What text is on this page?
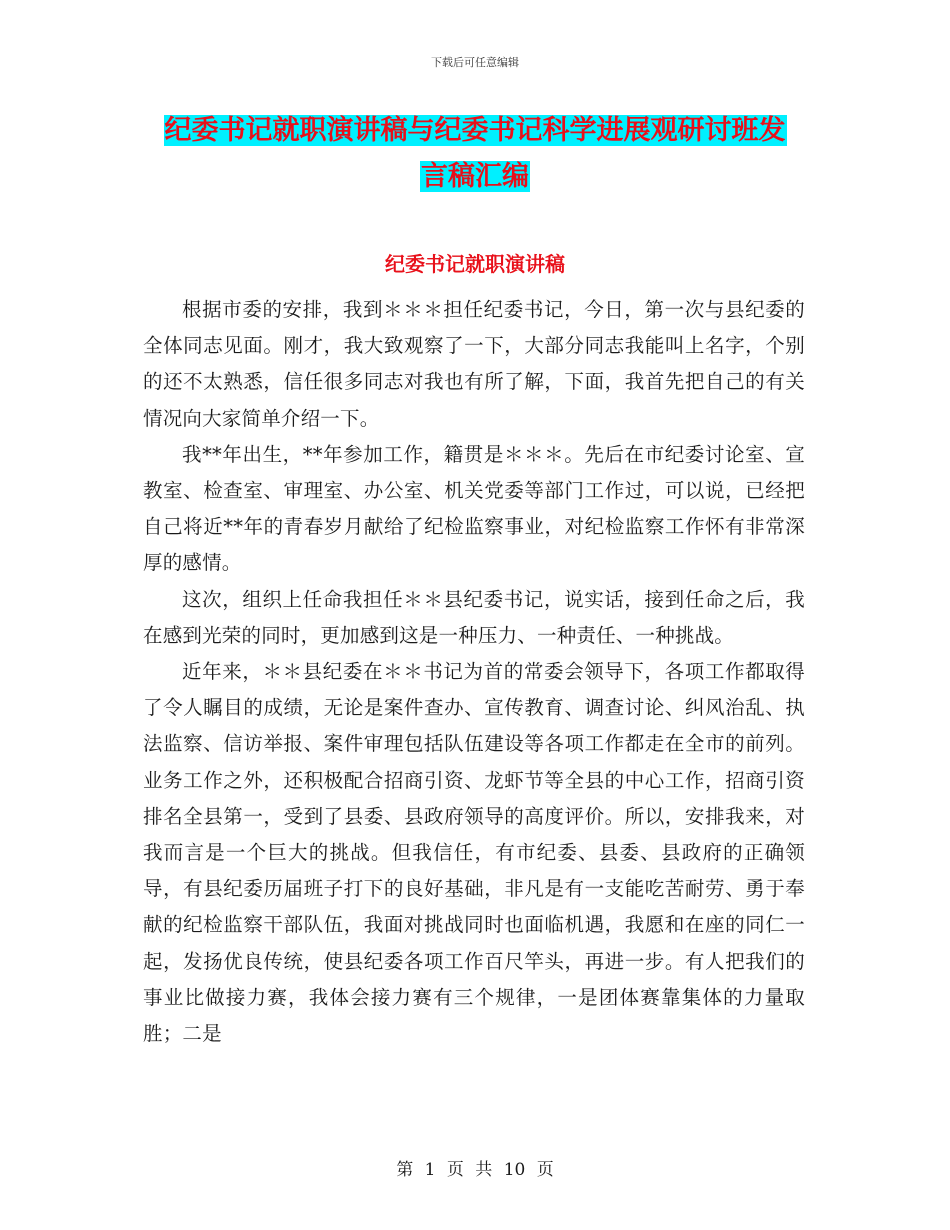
下载后可任意编辑
纪委书记就职演讲稿与纪委书记科学进展观研讨班发
言稿汇编
纪委书记就职演讲稿

根据市委的安排，我到＊＊＊担任纪委书记，今日，第一次与县纪委的全体同志见面。刚才，我大致观察了一下，大部分同志我能叫上名字，个别的还不太熟悉，信任很多同志对我也有所了解，下面，我首先把自己的有关情况向大家简单介绍一下。

我**年出生，**年参加工作，籍贯是＊＊＊。先后在市纪委讨论室、宣教室、检查室、审理室、办公室、机关党委等部门工作过，可以说，已经把自己将近**年的青春岁月献给了纪检监察事业，对纪检监察工作怀有非常深厚的感情。

这次，组织上任命我担任＊＊县纪委书记，说实话，接到任命之后，我在感到光荣的同时，更加感到这是一种压力、一种责任、一种挑战。

近年来，＊＊县纪委在＊＊书记为首的常委会领导下，各项工作都取得了令人瞩目的成绩，无论是案件查办、宣传教育、调查讨论、纠风治乱、执法监察、信访举报、案件审理包括队伍建设等各项工作都走在全市的前列。业务工作之外，还积极配合招商引资、龙虾节等全县的中心工作，招商引资排名全县第一，受到了县委、县政府领导的高度评价。所以，安排我来，对我而言是一个巨大的挑战。但我信任，有市纪委、县委、县政府的正确领导，有县纪委历届班子打下的良好基础，非凡是有一支能吃苦耐劳、勇于奉献的纪检监察干部队伍，我面对挑战同时也面临机遇，我愿和在座的同仁一起，发扬优良传统，使县纪委各项工作百尺竿头，再进一步。有人把我们的事业比做接力赛，我体会接力赛有三个规律，一是团体赛靠集体的力量取胜；二是

第 1 页 共 10 页
